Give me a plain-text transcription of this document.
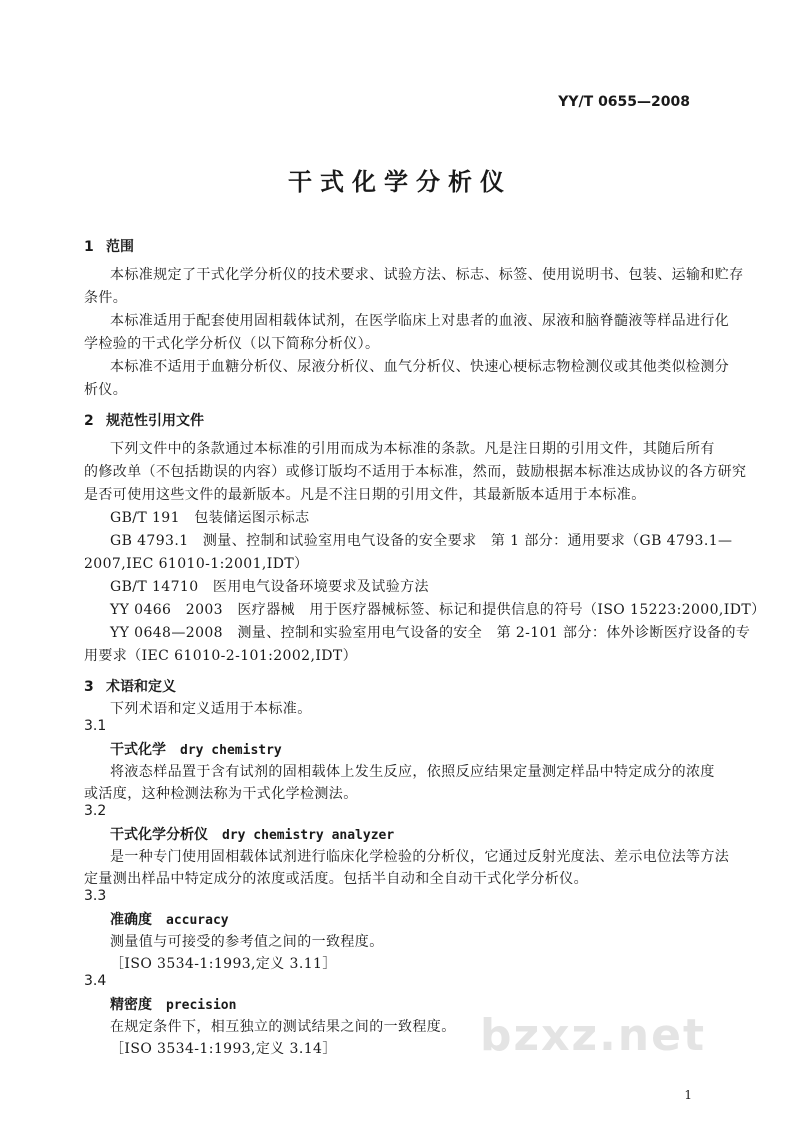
YY/T 0655—2008
干式化学分析仪
1 范围
本标准规定了干式化学分析仪的技术要求、试验方法、标志、标签、使用说明书、包装、运输和贮存
条件。
本标准适用于配套使用固相载体试剂，在医学临床上对患者的血液、尿液和脑脊髓液等样品进行化
学检验的干式化学分析仪（以下简称分析仪）。
本标准不适用于血糖分析仪、尿液分析仪、血气分析仪、快速心梗标志物检测仪或其他类似检测分
析仪。
2 规范性引用文件
下列文件中的条款通过本标准的引用而成为本标准的条款。凡是注日期的引用文件，其随后所有
的修改单（不包括勘误的内容）或修订版均不适用于本标准，然而，鼓励根据本标准达成协议的各方研究
是否可使用这些文件的最新版本。凡是不注日期的引用文件，其最新版本适用于本标准。
GB/T 191　包装储运图示标志
GB 4793.1　测量、控制和试验室用电气设备的安全要求　第 1 部分：通用要求（GB 4793.1—
2007,IEC 61010-1:2001,IDT）
GB/T 14710　医用电气设备环境要求及试验方法
YY 0466　2003　医疗器械　用于医疗器械标签、标记和提供信息的符号（ISO 15223:2000,IDT）
YY 0648—2008　测量、控制和实验室用电气设备的安全　第 2-101 部分：体外诊断医疗设备的专
用要求（IEC 61010-2-101:2002,IDT）
3 术语和定义
下列术语和定义适用于本标准。
3.1
干式化学 dry chemistry
将液态样品置于含有试剂的固相载体上发生反应，依照反应结果定量测定样品中特定成分的浓度
或活度，这种检测法称为干式化学检测法。
3.2
干式化学分析仪 dry chemistry analyzer
是一种专门使用固相载体试剂进行临床化学检验的分析仪，它通过反射光度法、差示电位法等方法
定量测出样品中特定成分的浓度或活度。包括半自动和全自动干式化学分析仪。
3.3
准确度 accuracy
测量值与可接受的参考值之间的一致程度。
［ISO 3534-1:1993,定义 3.11］
3.4
精密度 precision
在规定条件下，相互独立的测试结果之间的一致程度。
［ISO 3534-1:1993,定义 3.14］	bzxz.net
1
